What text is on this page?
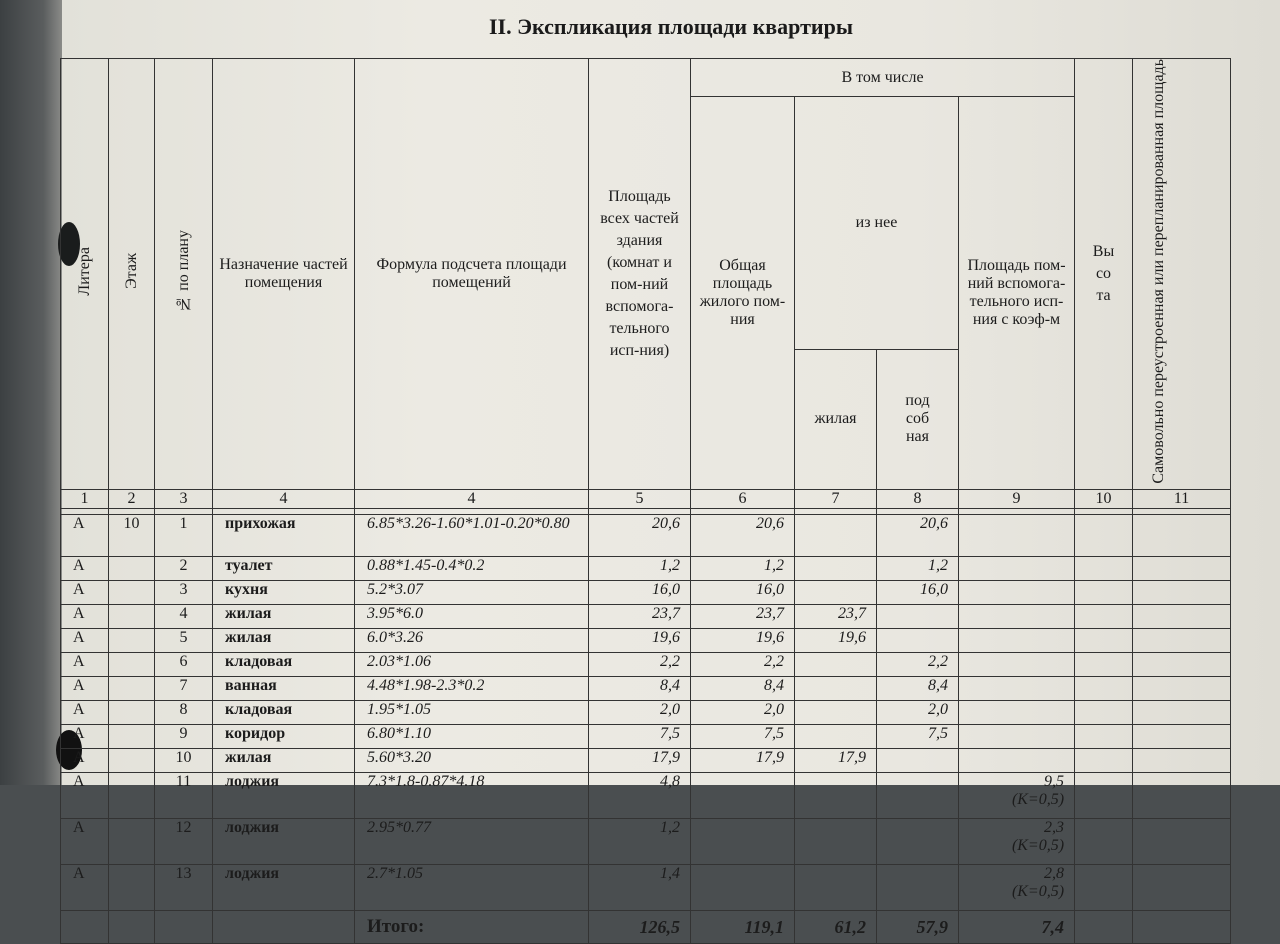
II. Экспликация площади квартиры
Литера	Этаж	№ по плану	Назначение частей помещения	Формула подсчета площади помещений	Площадь всех частей здания (комнат и пом-ний вспомога-тельного исп-ния)	В том числе				Вы со та	Самовольно переустроенная или перепланированная площадь
						Общая площадь жилого пом-ния	из нее		Площадь пом-ний вспомога-тельного исп-ния с коэф-м		
							жилая	под соб ная			
1	2	3	4	4	5	6	7	8	9	10	11

А	10	1	прихожая	6.85*3.26-1.60*1.01-0.20*0.80	20,6	20,6		20,6	

А		2	туалет	0.88*1.45-0.4*0.2	1,2	1,2		1,2	

А		3	кухня	5.2*3.07	16,0	16,0		16,0	

А		4	жилая	3.95*6.0	23,7	23,7	23,7		

А		5	жилая	6.0*3.26	19,6	19,6	19,6		

А		6	кладовая	2.03*1.06	2,2	2,2		2,2	

А		7	ванная	4.48*1.98-2.3*0.2	8,4	8,4		8,4	

А		8	кладовая	1.95*1.05	2,0	2,0		2,0	

А		9	коридор	6.80*1.10	7,5	7,5		7,5	

А		10	жилая	5.60*3.20	17,9	17,9	17,9		

А		11	лоджия	7.3*1.8-0.87*4.18	4,8				9,5
(К=0,5)		

А		12	лоджия	2.95*0.77	1,2				2,3
(К=0,5)		

А		13	лоджия	2.7*1.05	1,4				2,8
(К=0,5)		

				Итого:	126,5	119,1	61,2	57,9	7,4		
